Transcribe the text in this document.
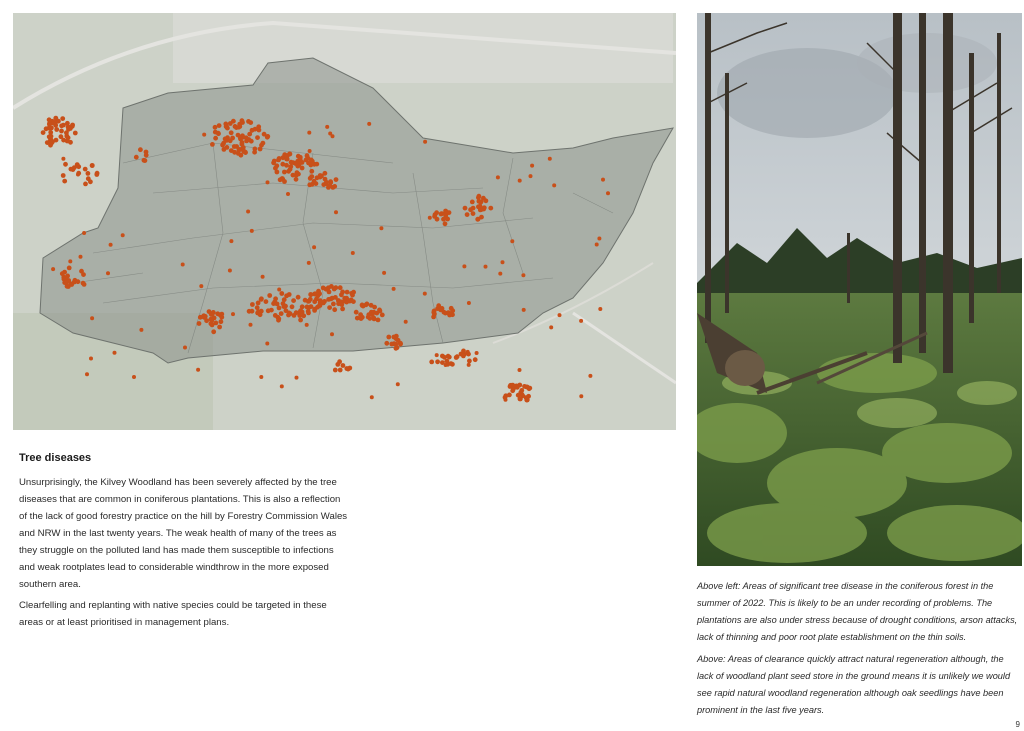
Tree diseases

Unsurprisingly, the Kilvey Woodland has been severely affected by the tree diseases that are common in coniferous plantations. This is also a reflection of the lack of good forestry practice on the hill by Forestry Commission Wales and NRW in the last twenty years. The weak health of many of the trees as they struggle on the polluted land has made them susceptible to infections and weak rootplates lead to considerable windthrow in the more exposed southern area.

Clearfelling and replanting with native species could be targeted in these areas or at least prioritised in management plans.

Above left: Areas of significant tree disease in the coniferous forest in the summer of 2022. This is likely to be an under recording of problems. The plantations are also under stress because of drought conditions, arson attacks, lack of thinning and poor root plate establishment on the thin soils.

Above: Areas of clearance quickly attract natural regeneration although, the lack of woodland plant seed store in the ground means it is unlikely we would see rapid natural woodland regeneration although oak seedlings have been prominent in the last five years.

9
